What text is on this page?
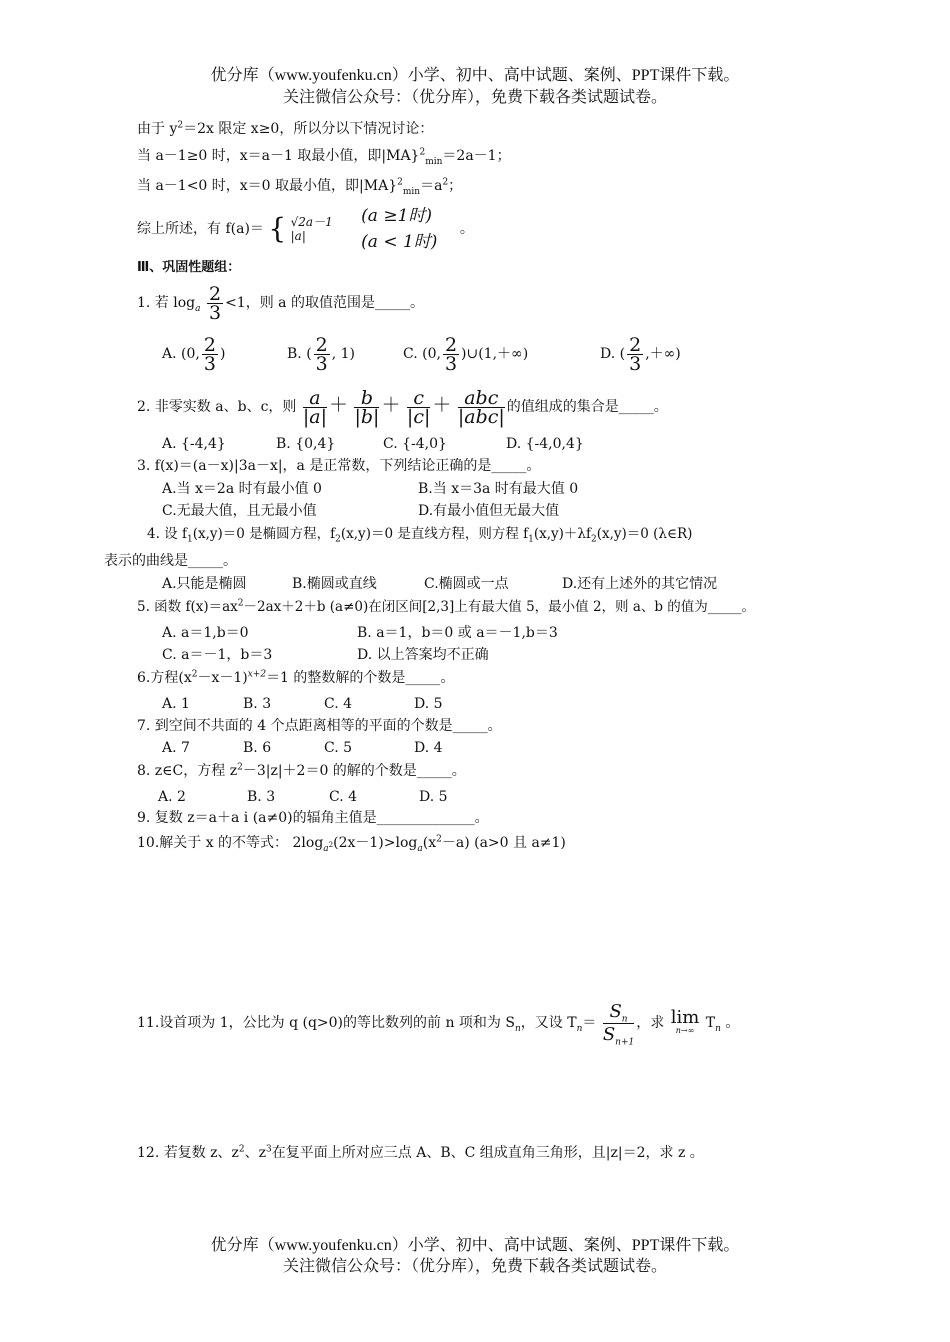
优分库（www.youfenku.cn）小学、初中、高中试题、案例、PPT课件下载。
关注微信公众号：（优分库），免费下载各类试题试卷。
由于 $y^2=2x$ 限定 x≥0，所以分以下情况讨论：
当 a－1≥0 时，x＝a－1 取最小值，即|MA}$^2_{min}$＝2a－1；
当 a－1<0 时，x＝0 取最小值，即$|MA\}^2_{min}=a^2$；
综上所述，有 f(a)＝ { √2a－1
|a|

(a ≥1时)
(a < 1时)
。
Ⅲ、巩固性题组：
1. 若 $\log_a \frac{2}{3} <1$，则 a 的取值范围是_____。
A. (0, $\frac{2}{3}$ )	B. ( $\frac{2}{3}$ , 1)	C. (0, $\frac{2}{3}$ )∪(1,＋∞)	D. ( $\frac{2}{3}$ ,＋∞)
2. 非零实数 a、b、c，则 $\frac{a}{|a|} + \frac{b}{|b|} + \frac{c}{|c|} + \frac{\text{abc}}{\text{|abc|}}$ 的值组成的集合是_____。
A. {-4,4}	B. {0,4}	C. {-4,0}	D. {-4,0,4}
3. f(x)＝(a－x)|3a－x|，a 是正常数，下列结论正确的是_____。
A.当 x＝2a 时有最小值 0	B.当 x＝3a 时有最大值 0
C.无最大值，且无最小值	D.有最小值但无最大值
4. 设 $f_1(x,y)=0$ 是椭圆方程，$f_2(x,y)=0$ 是直线方程，则方程 $f_1(x,y)+\lambda f_2(x,y)=0$ (λ∈R)
表示的曲线是_____。
A.只能是椭圆	B.椭圆或直线	C.椭圆或一点	D.还有上述外的其它情况
5. 函数 $f(x)=ax^2-2ax+2+b$ (a≠0)在闭区间[2,3]上有最大值 5，最小值 2，则 a、b 的值为_____。
A. a＝1,b＝0	B. a＝1，b＝0 或 a＝－1,b＝3
C. a＝－1，b＝3	D. 以上答案均不正确
6.方程$(x^2-x-1)^{x+2}=1$ 的整数解的个数是_____。
A. 1	B. 3	C. 4	D. 5
7. 到空间不共面的 4 个点距离相等的平面的个数是_____。
A. 7	B. 6	C. 5	D. 4
8. z∈C，方程 $z^2-3|z|+2=0$ 的解的个数是_____。
A. 2	B. 3	C. 4	D. 5
9. 复数 z＝a＋a i (a≠0)的辐角主值是______________。
10.解关于 x 的不等式： $2\log_{a^2}(2x-1)>\log_a(x^2-a)$ (a>0 且 a≠1)
11.设首项为 1，公比为 q (q>0)的等比数列的前 n 项和为 $S_n$，又设 $T_n= \frac{S_n}{S_{n+1}}$ ，求 lim
n→∞ $T_n$ 。
12. 若复数 z、$z^2$、$z^3$在复平面上所对应三点 A、B、C 组成直角三角形，且|z|＝2，求 z 。
优分库（www.youfenku.cn）小学、初中、高中试题、案例、PPT课件下载。
关注微信公众号：（优分库），免费下载各类试题试卷。
